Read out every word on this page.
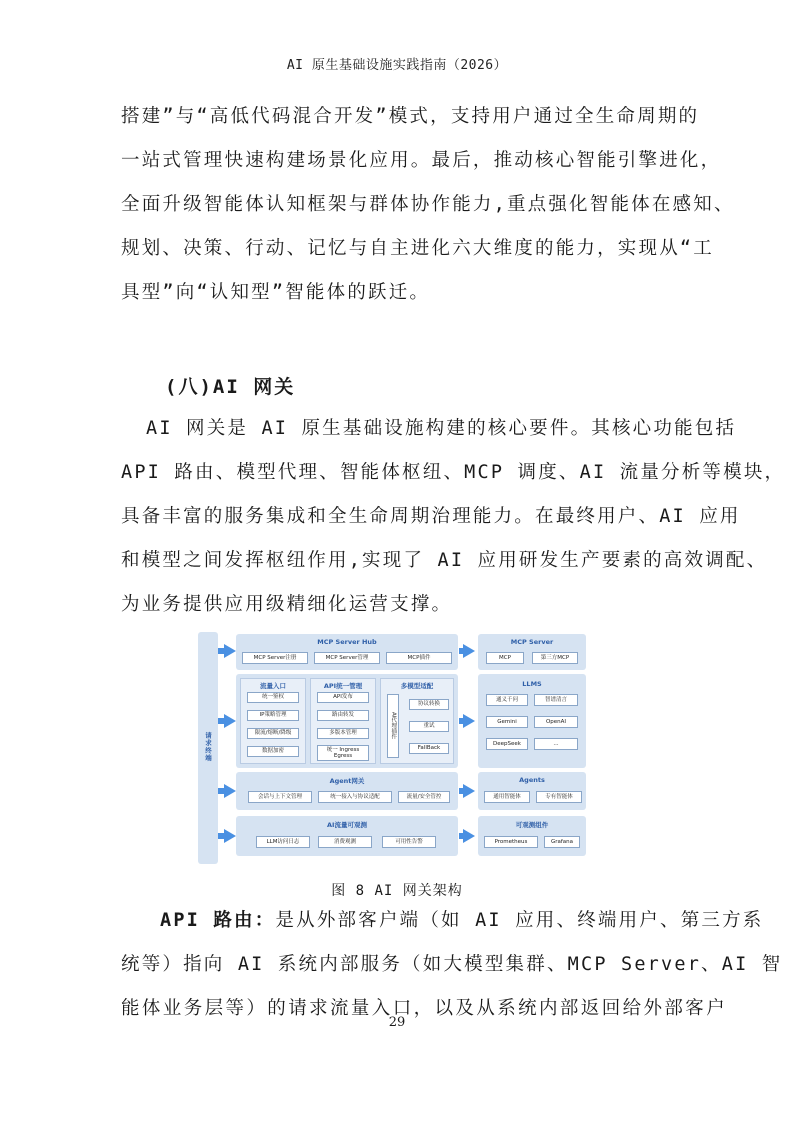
AI 原生基础设施实践指南（2026）
搭建”与“高低代码混合开发”模式，支持用户通过全生命周期的
一站式管理快速构建场景化应用。最后，推动核心智能引擎进化，
全面升级智能体认知框架与群体协作能力,重点强化智能体在感知、
规划、决策、行动、记忆与自主进化六大维度的能力，实现从“工
具型”向“认知型”智能体的跃迁。
(八)AI 网关
AI 网关是 AI 原生基础设施构建的核心要件。其核心功能包括
API 路由、模型代理、智能体枢纽、MCP 调度、AI 流量分析等模块，
具备丰富的服务集成和全生命周期治理能力。在最终用户、AI 应用
和模型之间发挥枢纽作用,实现了 AI 应用研发生产要素的高效调配、
为业务提供应用级精细化运营支撑。
请求终端
MCP Server Hub
MCP Server注册	MCP Server管理	MCP插件
流量入口
统一鉴权
IP策略管理
限流/熔断/降级
数据加密
API统一管理
API发布
路由转发
多版本管理
统一 Ingress Egress
多模型适配
AI代理插件
协议转换
重试
FallBack
Agent网关
会话与上下文管理	统一接入与协议适配	流量/安全管控
AI流量可观测
LLM访问日志	消费观测	可用性告警
MCP Server
MCP	第三方MCP
LLMS
通义千问	智谱清言
Gemini	OpenAI
DeepSeek	...
Agents
通用智能体	专有智能体
可观测组件
Prometheus	Grafana
图 8 AI 网关架构
API 路由：是从外部客户端（如 AI 应用、终端用户、第三方系
统等）指向 AI 系统内部服务（如大模型集群、MCP Server、AI 智
能体业务层等）的请求流量入口，以及从系统内部返回给外部客户
29
